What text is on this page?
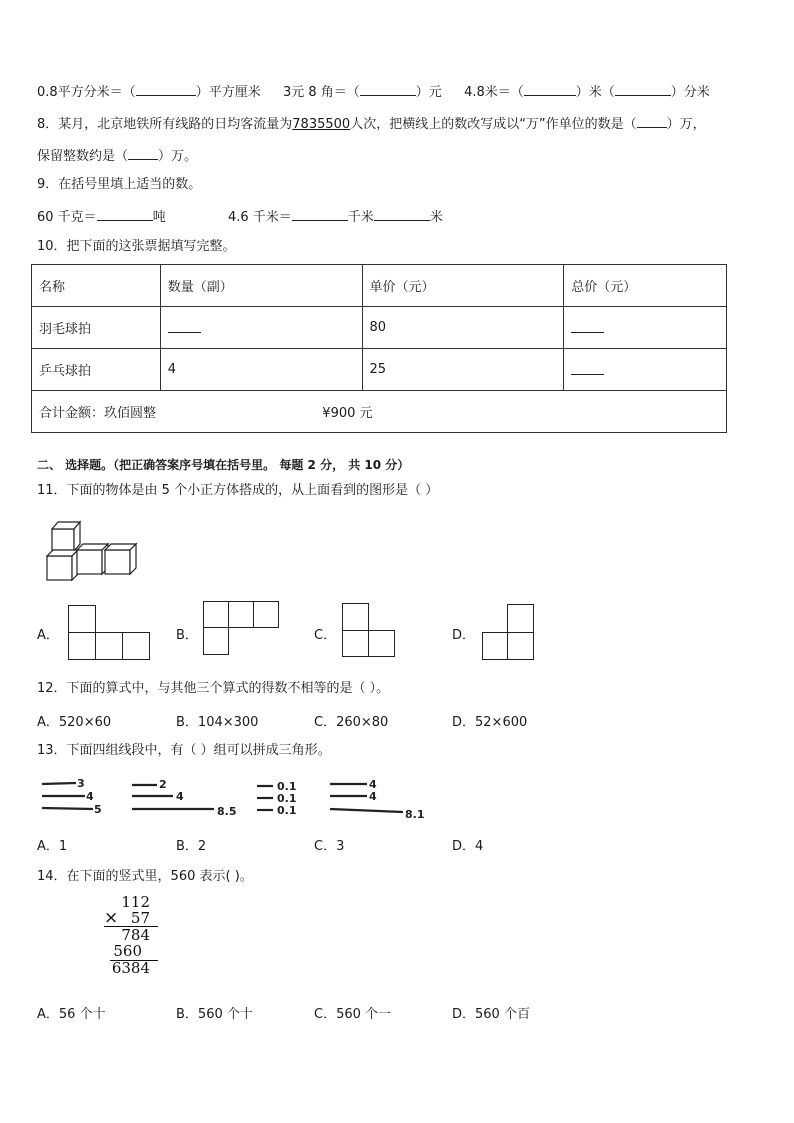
0.8平方分米＝（	）平方厘米 3元 8 角＝（	）元 4.8米＝（	）米（	）分米
8．某月，北京地铁所有线路的日均客流量为7835500人次，把横线上的数改写成以“万”作单位的数是（ ）万，
保留整数约是（ ）万。
9．在括号里填上适当的数。
60 千克＝	吨	4.6 千米＝	千米	米
10．把下面的这张票据填写完整。
名称	数量（副）	单价（元）	总价（元）
羽毛球拍		80	
乒乓球拍	4	25	
合计金额：玖佰圆整 ¥900 元			
二、 选择题。（把正确答案序号填在括号里。 每题 2 分， 共 10 分）
11．下面的物体是由 5 个小正方体搭成的，从上面看到的图形是（ ）
A．	B．	C．	D．
12．下面的算式中，与其他三个算式的得数不相等的是（ ）。
A．520×60	B．104×300	C．260×80	D．52×600
13．下面四组线段中，有（ ）组可以拼成三角形。
3
4
5
2
4
8.5
0.1
0.1
0.1
4
4
8.1
A．1	B．2	C．3	D．4
14．在下面的竖式里，560 表示( )。
112
57
784
560
6384
×
A．56 个十	B．560 个十	C．560 个一	D．560 个百
